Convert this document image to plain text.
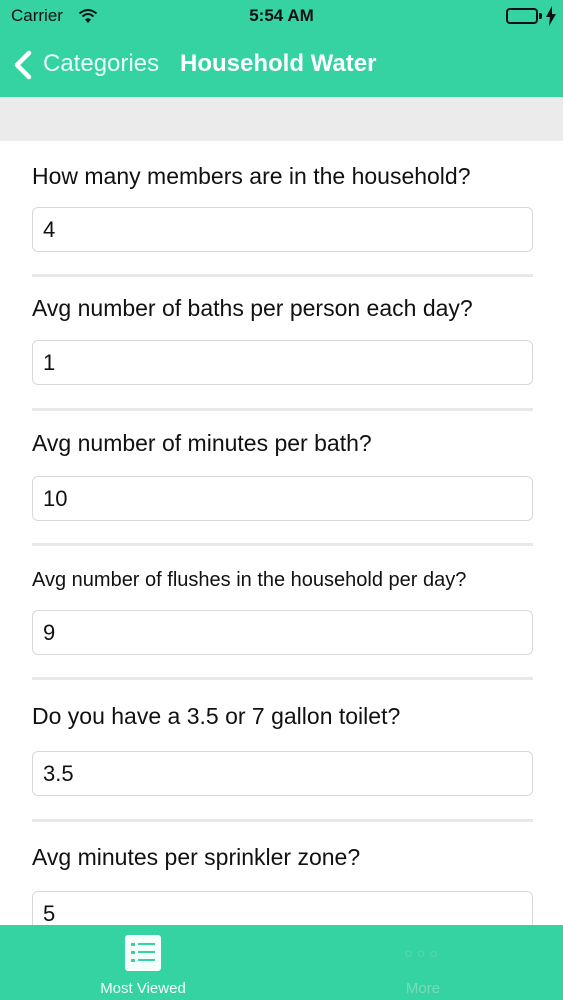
Carrier	5:54 AM
Categories Household Water
How many members are in the household?
4
Avg number of baths per person each day?
1
Avg number of minutes per bath?
10
Avg number of flushes in the household per day?
9
Do you have a 3.5 or 7 gallon toilet?
3.5
Avg minutes per sprinkler zone?
5
Most Viewed
○○○
More
